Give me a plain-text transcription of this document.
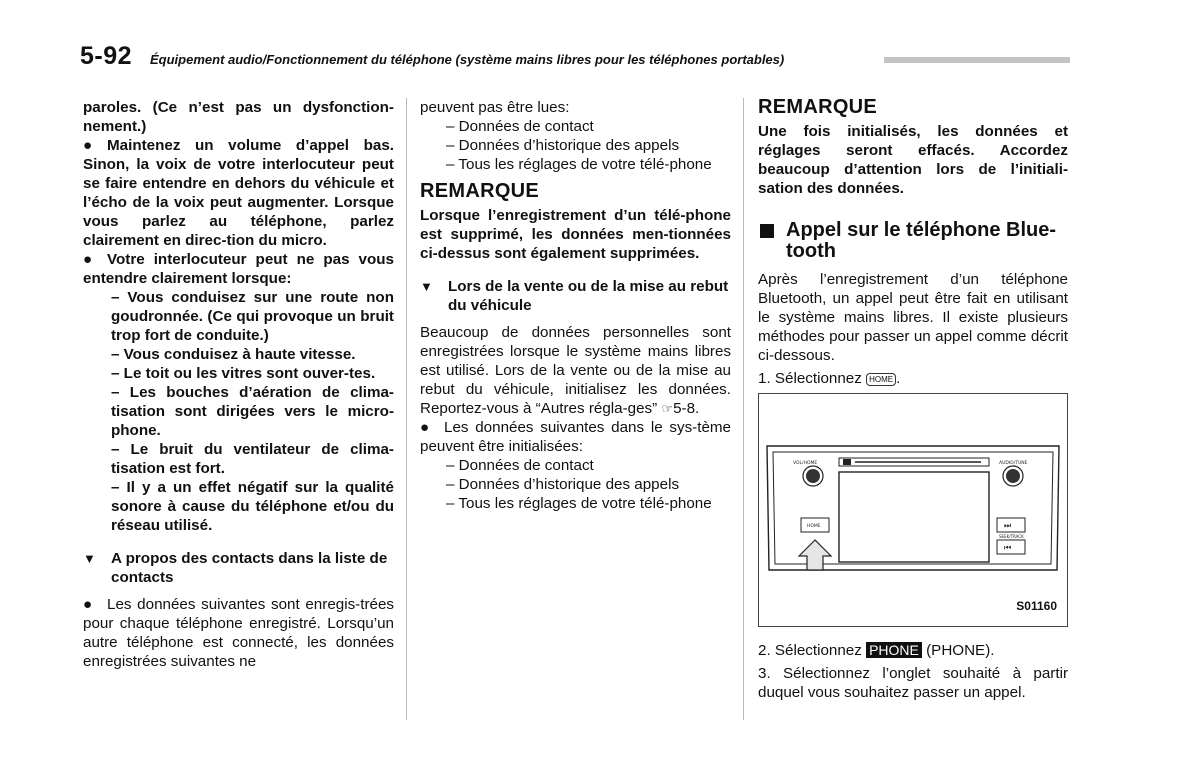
5-92 Équipement audio/Fonctionnement du téléphone (système mains libres pour les téléphones portables)

paroles. (Ce n’est pas un dysfonction-nement.)

● Maintenez un volume d’appel bas. Sinon, la voix de votre interlocuteur peut se faire entendre en dehors du véhicule et l’écho de la voix peut augmenter. Lorsque vous parlez au téléphone, parlez clairement en direc-tion du micro.

● Votre interlocuteur peut ne pas vous entendre clairement lorsque:

– Vous conduisez sur une route non goudronnée. (Ce qui provoque un bruit trop fort de conduite.)

– Vous conduisez à haute vitesse.

– Le toit ou les vitres sont ouver-tes.

– Les bouches d’aération de clima-tisation sont dirigées vers le micro-phone.

– Le bruit du ventilateur de clima-tisation est fort.

– Il y a un effet négatif sur la qualité sonore à cause du téléphone et/ou du réseau utilisé.

▼ A propos des contacts dans la liste de contacts

● Les données suivantes sont enregis-trées pour chaque téléphone enregistré. Lorsqu’un autre téléphone est connecté, les données enregistrées suivantes ne

peuvent pas être lues:

– Données de contact

– Données d’historique des appels

– Tous les réglages de votre télé-phone

REMARQUE

Lorsque l’enregistrement d’un télé-phone est supprimé, les données men-tionnées ci-dessus sont également supprimées.

▼ Lors de la vente ou de la mise au rebut du véhicule

Beaucoup de données personnelles sont enregistrées lorsque le système mains libres est utilisé. Lors de la vente ou de la mise au rebut du véhicule, initialisez les données. Reportez-vous à “Autres régla-ges” ☞5-8.

● Les données suivantes dans le sys-tème peuvent être initialisées:

– Données de contact

– Données d’historique des appels

– Tous les réglages de votre télé-phone

REMARQUE

Une fois initialisés, les données et réglages seront effacés. Accordez beaucoup d’attention lors de l’initiali-sation des données.

Appel sur le téléphone Blue-tooth

Après l’enregistrement d’un téléphone Bluetooth, un appel peut être fait en utilisant le système mains libres. Il existe plusieurs méthodes pour passer un appel comme décrit ci-dessous.

1. Sélectionnez HOME .

⏭
⏮
VOL/HOME	AUDIO/TUNE
HOME
SEEK/TRACK
S01160

2. Sélectionnez PHONE (PHONE).

3. Sélectionnez l’onglet souhaité à partir duquel vous souhaitez passer un appel.
